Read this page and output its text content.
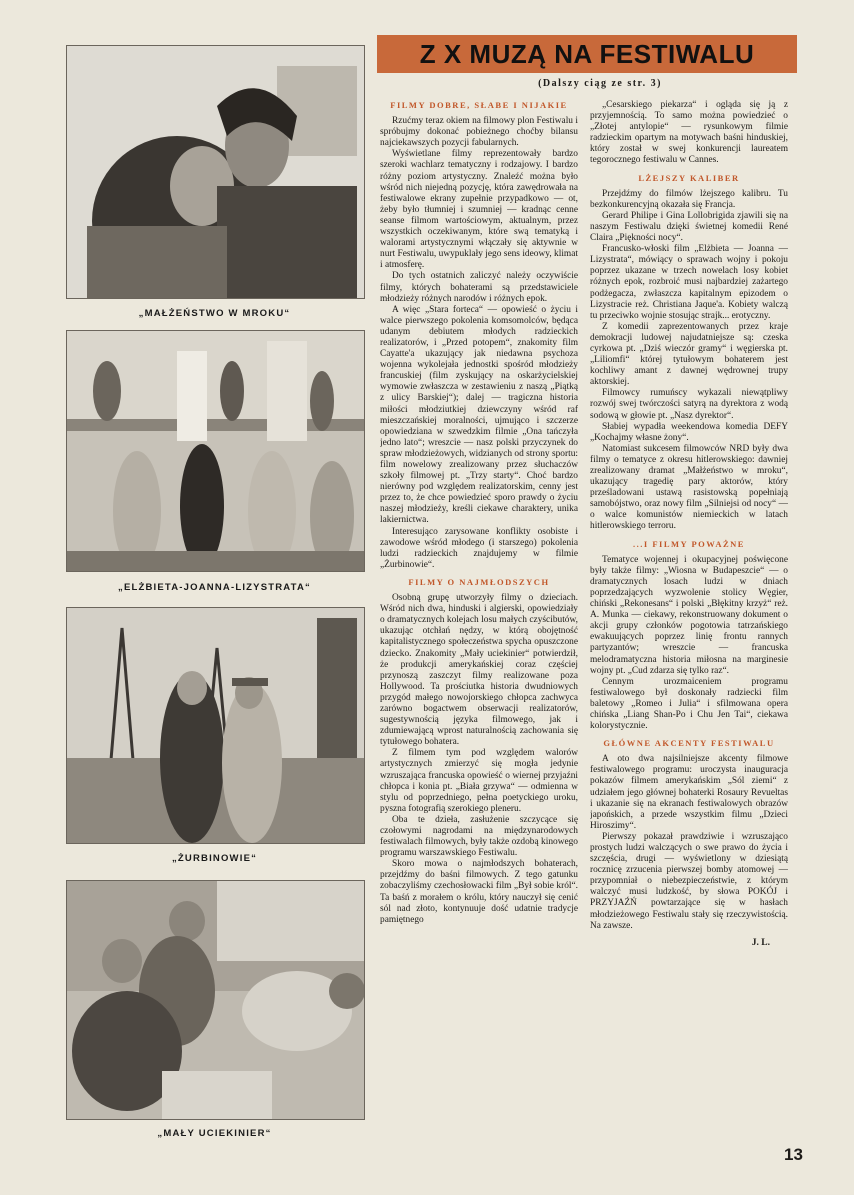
„MAŁŻEŃSTWO W MROKU“
„ELŻBIETA-JOANNA-LIZYSTRATA“
„ŻURBINOWIE“
„MAŁY UCIEKINIER“
Z X MUZĄ NA FESTIWALU
(Dalszy ciąg ze str. 3)
FILMY DOBRE, SŁABE I NIJAKIE

Rzućmy teraz okiem na filmowy plon Festiwalu i spróbujmy dokonać pobieżnego choćby bilansu najciekawszych pozycji fabularnych.

Wyświetlane filmy reprezentowały bardzo szeroki wachlarz tematyczny i rodzajowy. I bardzo różny poziom artystyczny. Znaleźć można było wśród nich niejedną pozycję, która zawędrowała na festiwalowe ekrany zupełnie przypadkowo — ot, żeby było tłumniej i szumniej — kradnąc cenne seanse filmom wartościowym, aktualnym, przez wszystkich oczekiwanym, które swą tematyką i walorami artystycznymi włączały się aktywnie w nurt Festiwalu, uwypuklały jego sens ideowy, klimat i atmosferę.

Do tych ostatnich zaliczyć należy oczywiście filmy, których bohaterami są przedstawiciele młodzieży różnych narodów i różnych epok.

A więc „Stara forteca“ — opowieść o życiu i walce pierwszego pokolenia komsomolców, będąca udanym debiutem młodych radzieckich realizatorów, i „Przed potopem“, znakomity film Cayatte'a ukazujący jak niedawna psychoza wojenna wykolejała jednostki spośród młodzieży francuskiej (film zyskujący na oskarżycielskiej wymowie zwłaszcza w zestawieniu z naszą „Piątką z ulicy Barskiej“); dalej — tragiczna historia miłości młodziutkiej dziewczyny wśród raf mieszczańskiej moralności, ujmująco i szczerze opowiedziana w szwedzkim filmie „Ona tańczyła jedno lato“; wreszcie — nasz polski przyczynek do spraw młodzieżowych, widzianych od strony sportu: film nowelowy zrealizowany przez słuchaczów szkoły filmowej pt. „Trzy starty“. Choć bardzo nierówny pod względem realizatorskim, cenny jest przez to, że chce powiedzieć sporo prawdy o życiu naszej młodzieży, kreśli ciekawe charaktery, unika lakiernictwa.

Interesująco zarysowane konflikty osobiste i zawodowe wśród młodego (i starszego) pokolenia ludzi radzieckich znajdujemy w filmie „Żurbinowie“.

FILMY O NAJMŁODSZYCH

Osobną grupę utworzyły filmy o dzieciach. Wśród nich dwa, hinduski i algierski, opowiedziały o dramatycznych kolejach losu małych czyścibutów, ukazując otchłań nędzy, w którą obojętność kapitalistycznego społeczeństwa spycha opuszczone dziecko. Znakomity „Mały uciekinier“ potwierdził, że produkcji amerykańskiej coraz częściej przynoszą zaszczyt filmy realizowane poza Hollywood. Ta prościutka historia dwudniowych przygód małego nowojorskiego chłopca zachwyca zarówno bogactwem obserwacji realizatorów, sugestywnością języka filmowego, jak i zdumiewającą wprost naturalnością zachowania się tytułowego bohatera.

Z filmem tym pod względem walorów artystycznych zmierzyć się mogła jedynie wzruszająca francuska opowieść o wiernej przyjaźni chłopca i konia pt. „Biała grzywa“ — odmienna w stylu od poprzedniego, pełna poetyckiego uroku, pyszna fotografią szerokiego pleneru.

Oba te dzieła, zasłużenie szczycące się czołowymi nagrodami na międzynarodowych festiwalach filmowych, były także ozdobą kinowego programu warszawskiego Festiwalu.

Skoro mowa o najmłodszych bohaterach, przejdźmy do baśni filmowych. Z tego gatunku zobaczyliśmy czechosłowacki film „Był sobie król“. Ta baśń z morałem o królu, który nauczył się cenić sól nad złoto, kontynuuje dość udatnie tradycje pamiętnego

„Cesarskiego piekarza“ i ogląda się ją z przyjemnością. To samo można powiedzieć o „Złotej antylopie“ — rysunkowym filmie radzieckim opartym na motywach baśni hinduskiej, który został w swej konkurencji laureatem tegorocznego festiwalu w Cannes.

LŻEJSZY KALIBER

Przejdźmy do filmów lżejszego kalibru. Tu bezkonkurencyjną okazała się Francja.

Gerard Philipe i Gina Lollobrigida zjawili się na naszym Festiwalu dzięki świetnej komedii René Claira „Piękności nocy“.

Francusko-włoski film „Elżbieta — Joanna — Lizystrata“, mówiący o sprawach wojny i pokoju poprzez ukazane w trzech nowelach losy kobiet różnych epok, rozbroić musi najbardziej zażartego podżegacza, zwłaszcza kapitalnym epizodem o Lizystracie reż. Christiana Jaque'a. Kobiety walczą tu przeciwko wojnie stosując strajk... erotyczny.

Z komedii zaprezentowanych przez kraje demokracji ludowej najudatniejsze są: czeska cyrkowa pt. „Dziś wieczór gramy“ i węgierska pt. „Liliomfi“ której tytułowym bohaterem jest kochliwy amant z dawnej wędrownej trupy aktorskiej.

Filmowcy rumuńscy wykazali niewątpliwy rozwój swej twórczości satyrą na dyrektora z wodą sodową w głowie pt. „Nasz dyrektor“.

Słabiej wypadła weekendowa komedia DEFY „Kochajmy własne żony“.

Natomiast sukcesem filmowców NRD były dwa filmy o tematyce z okresu hitlerowskiego: dawniej zrealizowany dramat „Małżeństwo w mroku“, ukazujący tragedię pary aktorów, który prześladowani ustawą rasistowską popełniają samobójstwo, oraz nowy film „Silniejsi od nocy“ — o walce komunistów niemieckich w latach hitlerowskiego terroru.

...I FILMY POWAŻNE

Tematyce wojennej i okupacyjnej poświęcone były także filmy: „Wiosna w Budapeszcie“ — o dramatycznych losach ludzi w dniach poprzedzających wyzwolenie stolicy Węgier, chiński „Rekonesans“ i polski „Błękitny krzyż“ reż. A. Munka — ciekawy, rekonstruowany dokument o akcji grupy członków pogotowia tatrzańskiego ewakuujących poprzez linię frontu rannych partyzantów; wreszcie — francuska melodramatyczna historia miłosna na marginesie wojny pt. „Cud zdarza się tylko raz“.

Cennym urozmaiceniem programu festiwalowego był doskonały radziecki film baletowy „Romeo i Julia“ i sfilmowana opera chińska „Liang Shan-Po i Chu Jen Tai“, ciekawa kolorystycznie.

GŁÓWNE AKCENTY FESTIWALU

A oto dwa najsilniejsze akcenty filmowe festiwalowego programu: uroczysta inauguracja pokazów filmem amerykańskim „Sól ziemi“ z udziałem jego głównej bohaterki Rosaury Revueltas i ukazanie się na ekranach festiwalowych obrazów japońskich, a przede wszystkim filmu „Dzieci Hiroszimy“.

Pierwszy pokazał prawdziwie i wzruszająco prostych ludzi walczących o swe prawo do życia i szczęścia, drugi — wyświetlony w dziesiątą rocznicę zrzucenia pierwszej bomby atomowej — przypomniał o niebezpieczeństwie, z którym walczyć musi ludzkość, by słowa POKÓJ i PRZYJAŹŃ powtarzające się w hasłach młodzieżowego Festiwalu stały się rzeczywistością. Na zawsze.

J. L.
13
